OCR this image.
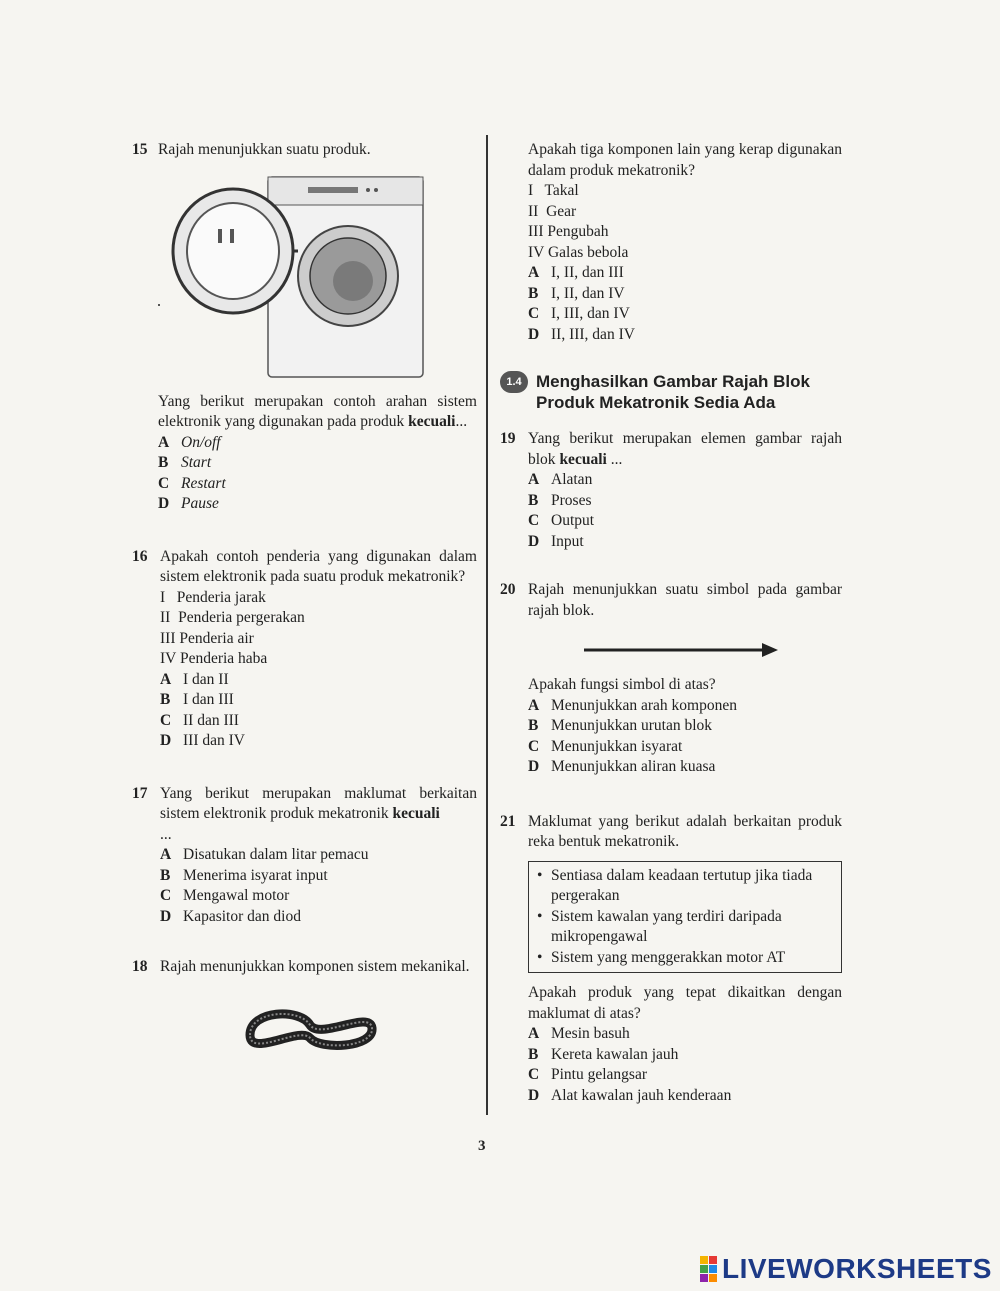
15 Rajah menunjukkan suatu produk.
Yang berikut merupakan contoh arahan sistem elektronik yang digunakan pada produk kecuali...
A On/off
B Start
C Restart
D Pause
16 Apakah contoh penderia yang digunakan dalam sistem elektronik pada suatu produk mekatronik?
I   Penderia jarak
II  Penderia pergerakan
III Penderia air
IV Penderia haba
A I dan II
B I dan III
C II dan III
D III dan IV
17 Yang berikut merupakan maklumat berkaitan sistem elektronik produk mekatronik kecuali
...
A Disatukan dalam litar pemacu
B Menerima isyarat input
C Mengawal motor
D Kapasitor dan diod
18 Rajah menunjukkan komponen sistem mekanikal.
Apakah tiga komponen lain yang kerap digunakan dalam produk mekatronik?
I   Takal
II  Gear
III Pengubah
IV Galas bebola
A I, II, dan III
B I, II, dan IV
C I, III, dan IV
D II, III, dan IV
1.4 Menghasilkan Gambar Rajah Blok
Produk Mekatronik Sedia Ada
19 Yang berikut merupakan elemen gambar rajah blok kecuali ...
A Alatan
B Proses
C Output
D Input
20 Rajah menunjukkan suatu simbol pada gambar rajah blok.
Apakah fungsi simbol di atas?
A Menunjukkan arah komponen
B Menunjukkan urutan blok
C Menunjukkan isyarat
D Menunjukkan aliran kuasa
21 Maklumat yang berikut adalah berkaitan produk reka bentuk mekatronik.
• Sentiasa dalam keadaan tertutup jika tiada pergerakan
• Sistem kawalan yang terdiri daripada mikropengawal
• Sistem yang menggerakkan motor AT
Apakah produk yang tepat dikaitkan dengan maklumat di atas?
A Mesin basuh
B Kereta kawalan jauh
C Pintu gelangsar
D Alat kawalan jauh kenderaan
3
LIVEWORKSHEETS
